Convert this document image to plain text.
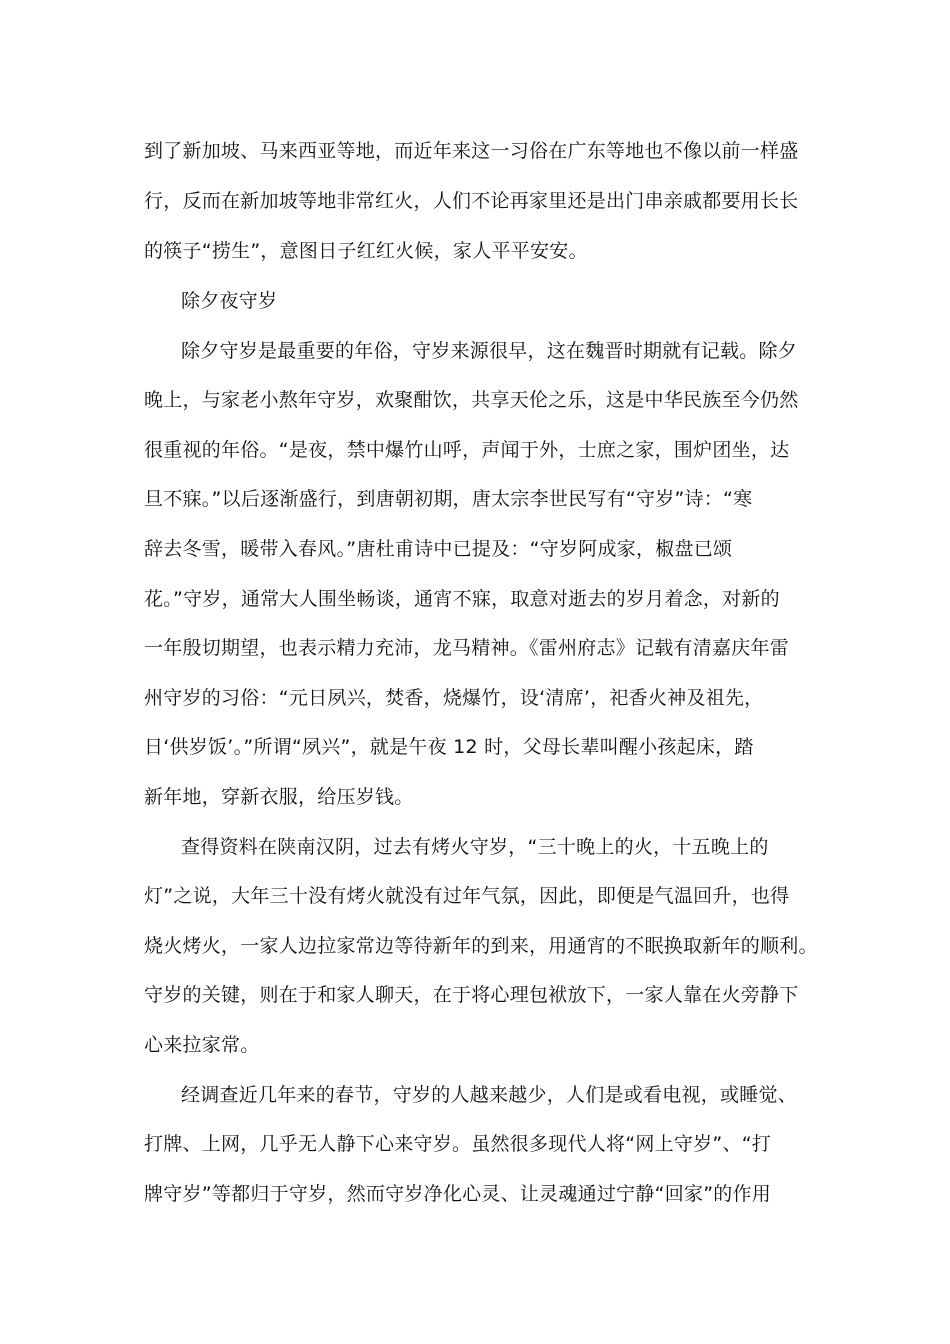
到了新加坡、马来西亚等地，而近年来这一习俗在广东等地也不像以前一样盛
行，反而在新加坡等地非常红火，人们不论再家里还是出门串亲戚都要用长长
的筷子“捞生”，意图日子红红火候，家人平平安安。
除夕夜守岁
除夕守岁是最重要的年俗，守岁来源很早，这在魏晋时期就有记载。除夕
晚上，与家老小熬年守岁，欢聚酣饮，共享天伦之乐，这是中华民族至今仍然
很重视的年俗。“是夜，禁中爆竹山呼，声闻于外，士庶之家，围炉团坐，达
旦不寐。”以后逐渐盛行，到唐朝初期，唐太宗李世民写有“守岁”诗：“寒
辞去冬雪，暖带入春风。”唐杜甫诗中已提及：“守岁阿成家，椒盘已颂
花。”守岁，通常大人围坐畅谈，通宵不寐，取意对逝去的岁月着念，对新的
一年殷切期望，也表示精力充沛，龙马精神。《雷州府志》记载有清嘉庆年雷
州守岁的习俗：“元日夙兴，焚香，烧爆竹，设‘清席’，祀香火神及祖先，
日‘供岁饭’。”所谓“夙兴”，就是午夜 12 时，父母长辈叫醒小孩起床，踏
新年地，穿新衣服，给压岁钱。
查得资料在陕南汉阴，过去有烤火守岁，“三十晚上的火，十五晚上的
灯”之说，大年三十没有烤火就没有过年气氛，因此，即便是气温回升，也得
烧火烤火，一家人边拉家常边等待新年的到来，用通宵的不眠换取新年的顺利。
守岁的关键，则在于和家人聊天，在于将心理包袱放下，一家人靠在火旁静下
心来拉家常。
经调查近几年来的春节，守岁的人越来越少，人们是或看电视，或睡觉、
打牌、上网，几乎无人静下心来守岁。虽然很多现代人将“网上守岁”、“打
牌守岁”等都归于守岁，然而守岁净化心灵、让灵魂通过宁静“回家”的作用
